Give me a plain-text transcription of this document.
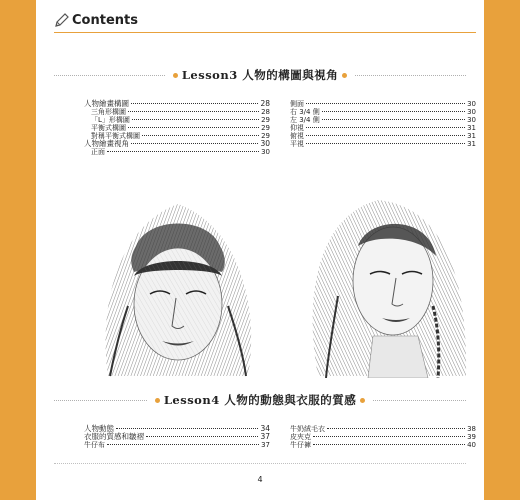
Contents
Lesson3 人物的構圖與視角
人物繪畫構圖	28
三角形構圖	28
「L」形構圖	29
平衡式構圖	29
對稱平衡式構圖	29
人物繪畫視角	30
正面	30
側面	30
右 3/4 側	30
左 3/4 側	30
仰視	31
俯視	31
平視	31
Lesson4 人物的動態與衣服的質感
人物動態	34
衣服的質感和皺褶	37
牛仔布	37
牛奶絨毛衣	38
皮夾克	39
牛仔褲	40
4
